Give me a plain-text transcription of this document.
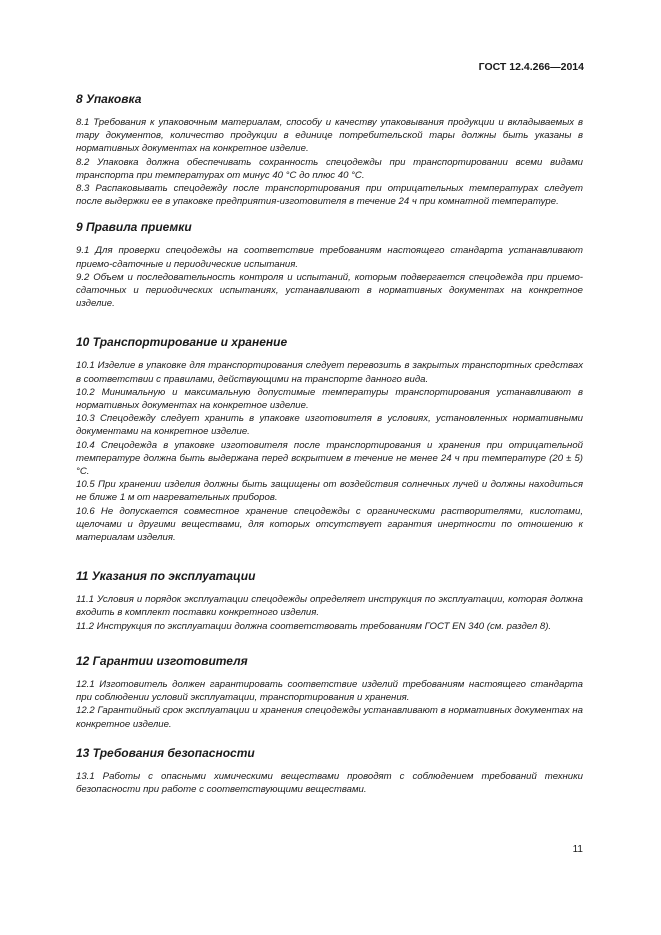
ГОСТ 12.4.266—2014
8 Упаковка

8.1 Требования к упаковочным материалам, способу и качеству упаковывания продукции и вкладываемых в тару документов, количество продукции в единице потребительской тары должны быть указаны в нормативных документах на конкретное изделие.

8.2 Упаковка должна обеспечивать сохранность спецодежды при транспортировании всеми видами транспорта при температурах от минус 40 °С до плюс 40 °С.

8.3 Распаковывать спецодежду после транспортирования при отрицательных температурах следует после выдержки ее в упаковке предприятия-изготовителя в течение 24 ч при комнатной температуре.

9 Правила приемки

9.1 Для проверки спецодежды на соответствие требованиям настоящего стандарта устанавливают приемо-сдаточные и периодические испытания.

9.2 Объем и последовательность контроля и испытаний, которым подвергается спецодежда при приемо-сдаточных и периодических испытаниях, устанавливают в нормативных документах на конкретное изделие.

10 Транспортирование и хранение

10.1 Изделие в упаковке для транспортирования следует перевозить в закрытых транспортных средствах в соответствии с правилами, действующими на транспорте данного вида.

10.2 Минимальную и максимальную допустимые температуры транспортирования устанавливают в нормативных документах на конкретное изделие.

10.3 Спецодежду следует хранить в упаковке изготовителя в условиях, установленных нормативными документами на конкретное изделие.

10.4 Спецодежда в упаковке изготовителя после транспортирования и хранения при отрицательной температуре должна быть выдержана перед вскрытием в течение не менее 24 ч при температуре (20 ± 5) °С.

10.5 При хранении изделия должны быть защищены от воздействия солнечных лучей и должны находиться не ближе 1 м от нагревательных приборов.

10.6 Не допускается совместное хранение спецодежды с органическими растворителями, кислотами, щелочами и другими веществами, для которых отсутствует гарантия инертности по отношению к материалам изделия.

11 Указания по эксплуатации

11.1 Условия и порядок эксплуатации спецодежды определяет инструкция по эксплуатации, которая должна входить в комплект поставки конкретного изделия.

11.2 Инструкция по эксплуатации должна соответствовать требованиям ГОСТ EN 340 (см. раздел 8).

12 Гарантии изготовителя

12.1 Изготовитель должен гарантировать соответствие изделий требованиям настоящего стандарта при соблюдении условий эксплуатации, транспортирования и хранения.

12.2 Гарантийный срок эксплуатации и хранения спецодежды устанавливают в нормативных документах на конкретное изделие.

13 Требования безопасности

13.1 Работы с опасными химическими веществами проводят с соблюдением требований техники безопасности при работе с соответствующими веществами.

11
